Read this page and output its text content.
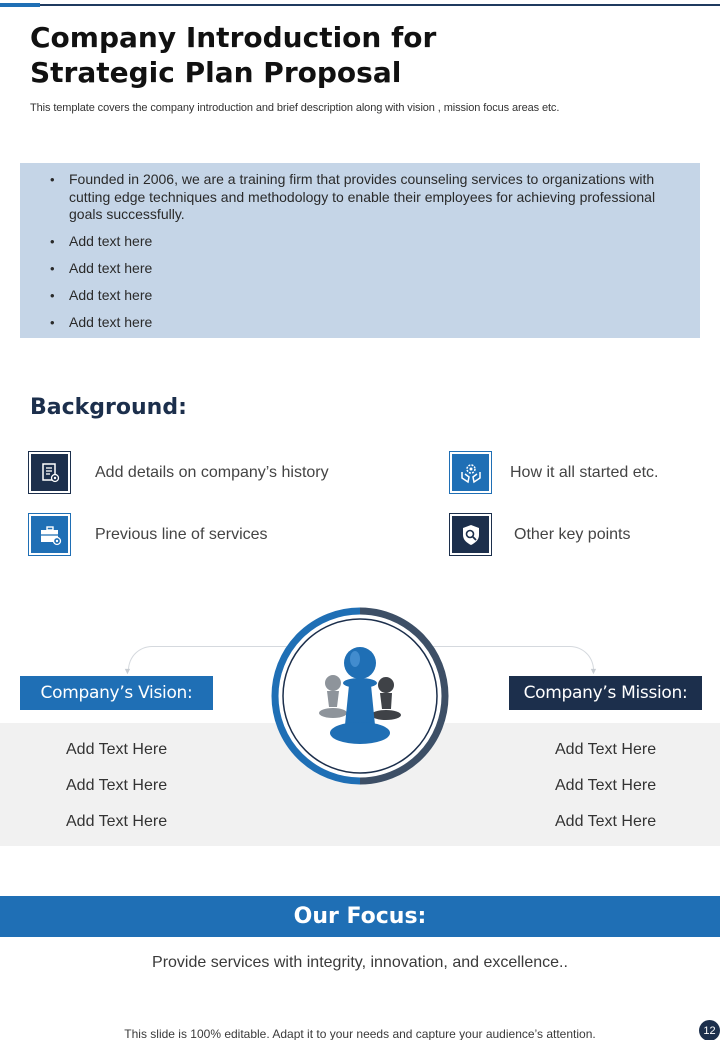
Company Introduction for Strategic Plan Proposal

This template covers the company introduction and brief description along with vision , mission focus areas etc.

• Founded in 2006, we are a training firm that provides counseling services to organizations with cutting edge techniques and methodology to enable their employees for achieving professional goals successfully.
• Add text here
• Add text here
• Add text here
• Add text here
Background:
Add details on company’s history	How it all started etc.
Previous line of services	Other key points
▼	▼
Company’s Vision:	Company’s Mission:
Add Text Here
Add Text Here
Add Text Here
Add Text Here
Add Text Here
Add Text Here
Our Focus:

Provide services with integrity, innovation, and excellence..

This slide is 100% editable. Adapt it to your needs and capture your audience’s attention.	12
